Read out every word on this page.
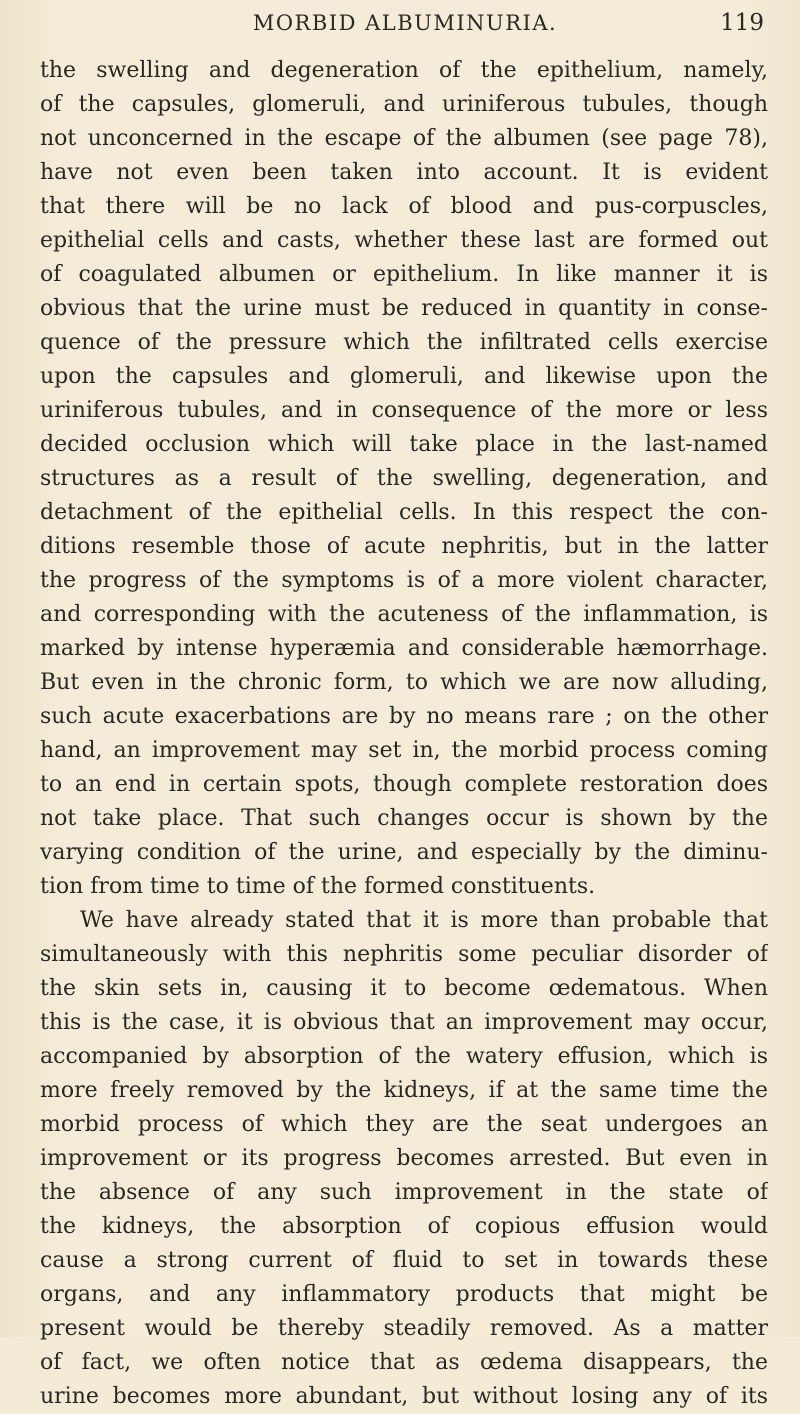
MORBID ALBUMINURIA.	119
the swelling and degeneration of the epithelium, namely,
of the capsules, glomeruli, and uriniferous tubules, though
not unconcerned in the escape of the albumen (see page 78),
have not even been taken into account. It is evident
that there will be no lack of blood and pus-corpuscles,
epithelial cells and casts, whether these last are formed out
of coagulated albumen or epithelium. In like manner it is
obvious that the urine must be reduced in quantity in conse-
quence of the pressure which the infiltrated cells exercise
upon the capsules and glomeruli, and likewise upon the
uriniferous tubules, and in consequence of the more or less
decided occlusion which will take place in the last-named
structures as a result of the swelling, degeneration, and
detachment of the epithelial cells. In this respect the con-
ditions resemble those of acute nephritis, but in the latter
the progress of the symptoms is of a more violent character,
and corresponding with the acuteness of the inflammation, is
marked by intense hyperæmia and considerable hæmorrhage.
But even in the chronic form, to which we are now alluding,
such acute exacerbations are by no means rare ; on the other
hand, an improvement may set in, the morbid process coming
to an end in certain spots, though complete restoration does
not take place. That such changes occur is shown by the
varying condition of the urine, and especially by the diminu-
tion from time to time of the formed constituents.
We have already stated that it is more than probable that
simultaneously with this nephritis some peculiar disorder of
the skin sets in, causing it to become œdematous. When
this is the case, it is obvious that an improvement may occur,
accompanied by absorption of the watery effusion, which is
more freely removed by the kidneys, if at the same time the
morbid process of which they are the seat undergoes an
improvement or its progress becomes arrested. But even in
the absence of any such improvement in the state of
the kidneys, the absorption of copious effusion would
cause a strong current of fluid to set in towards these
organs, and any inflammatory products that might be
present would be thereby steadily removed. As a matter
of fact, we often notice that as œdema disappears, the
urine becomes more abundant, but without losing any of its
